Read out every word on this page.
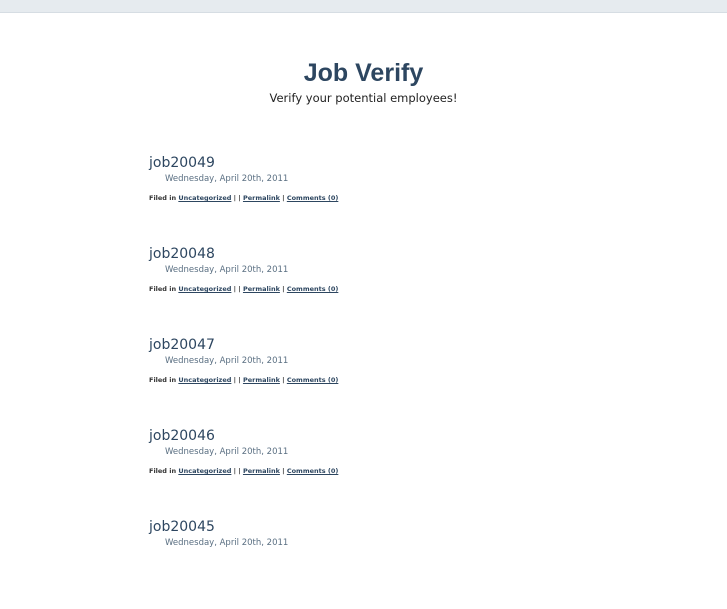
Job Verify
Verify your potential employees!
job20049
Wednesday, April 20th, 2011
Filed in Uncategorized | | Permalink | Comments (0)
job20048
Wednesday, April 20th, 2011
Filed in Uncategorized | | Permalink | Comments (0)
job20047
Wednesday, April 20th, 2011
Filed in Uncategorized | | Permalink | Comments (0)
job20046
Wednesday, April 20th, 2011
Filed in Uncategorized | | Permalink | Comments (0)
job20045
Wednesday, April 20th, 2011
